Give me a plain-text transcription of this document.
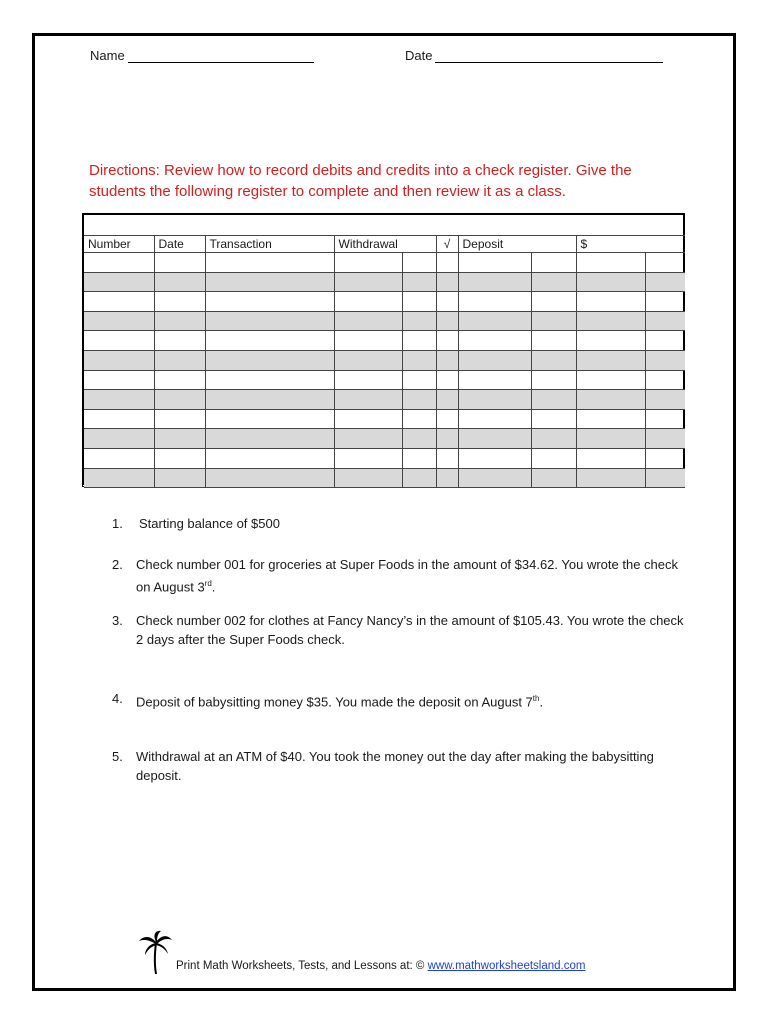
Name	Date

Directions: Review how to record debits and credits into a check register. Give the students the following register to complete and then review it as a class.

Number	Date	Transaction	Withdrawal		√	Deposit		$	

1. Starting balance of $500
2. Check number 001 for groceries at Super Foods in the amount of $34.62. You wrote the check on August 3rd.
3. Check number 002 for clothes at Fancy Nancy’s in the amount of $105.43. You wrote the check 2 days after the Super Foods check.
4. Deposit of babysitting money $35. You made the deposit on August 7th.
5. Withdrawal at an ATM of $40. You took the money out the day after making the babysitting deposit.
Print Math Worksheets, Tests, and Lessons at: © www.mathworksheetsland.com
